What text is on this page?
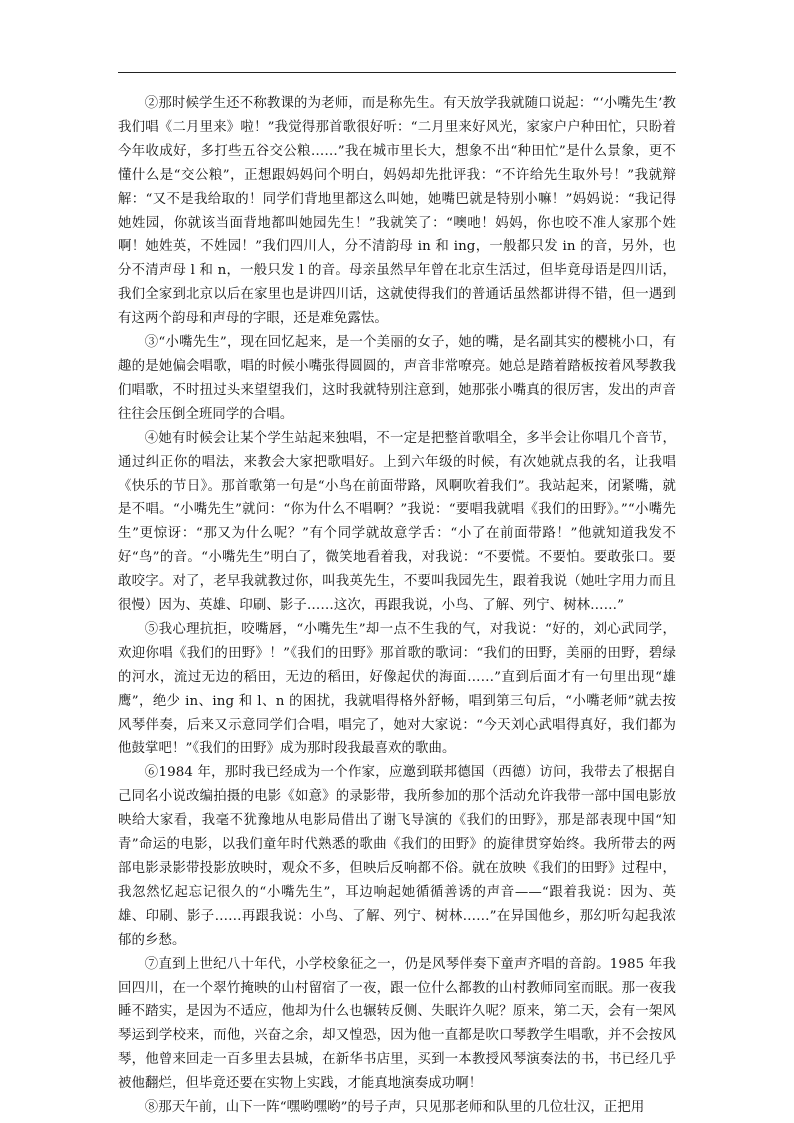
②那时候学生还不称教课的为老师，而是称先生。有天放学我就随口说起：“‘小嘴先生’教我们唱《二月里来》啦！”我觉得那首歌很好听：“二月里来好风光，家家户户种田忙，只盼着今年收成好，多打些五谷交公粮……”我在城市里长大，想象不出“种田忙”是什么景象，更不懂什么是“交公粮”，正想跟妈妈问个明白，妈妈却先批评我：“不许给先生取外号！”我就辩解：“又不是我给取的！同学们背地里都这么叫她，她嘴巴就是特别小嘛！”妈妈说：“我记得她姓园，你就该当面背地都叫她园先生！”我就笑了：“噢吔！妈妈，你也咬不准人家那个姓啊！她姓英，不姓园！”我们四川人，分不清韵母 in 和 ing，一般都只发 in 的音，另外，也分不清声母 l 和 n，一般只发 l 的音。母亲虽然早年曾在北京生活过，但毕竟母语是四川话，我们全家到北京以后在家里也是讲四川话，这就使得我们的普通话虽然都讲得不错，但一遇到有这两个韵母和声母的字眼，还是难免露怯。

③“小嘴先生”，现在回忆起来，是一个美丽的女子，她的嘴，是名副其实的樱桃小口，有趣的是她偏会唱歌，唱的时候小嘴张得圆圆的，声音非常嘹亮。她总是踏着踏板按着风琴教我们唱歌，不时扭过头来望望我们，这时我就特别注意到，她那张小嘴真的很厉害，发出的声音往往会压倒全班同学的合唱。

④她有时候会让某个学生站起来独唱，不一定是把整首歌唱全，多半会让你唱几个音节，通过纠正你的唱法，来教会大家把歌唱好。上到六年级的时候，有次她就点我的名，让我唱《快乐的节日》。那首歌第一句是“小鸟在前面带路，风啊吹着我们”。我站起来，闭紧嘴，就是不唱。“小嘴先生”就问：“你为什么不唱啊？”我说：“要唱我就唱《我们的田野》。”“小嘴先生”更惊讶：“那又为什么呢？”有个同学就故意学舌：“小了在前面带路！”他就知道我发不好“鸟”的音。“小嘴先生”明白了，微笑地看着我，对我说：“不要慌。不要怕。要敢张口。要敢咬字。对了，老早我就教过你，叫我英先生，不要叫我园先生，跟着我说（她吐字用力而且很慢）因为、英雄、印刷、影子……这次，再跟我说，小鸟、了解、列宁、树林……”

⑤我心理抗拒，咬嘴唇，“小嘴先生”却一点不生我的气，对我说：“好的，刘心武同学，欢迎你唱《我们的田野》！”《我们的田野》那首歌的歌词：“我们的田野，美丽的田野，碧绿的河水，流过无边的稻田，无边的稻田，好像起伏的海面……”直到后面才有一句里出现“雄鹰”，绝少 in、ing 和 l、n 的困扰，我就唱得格外舒畅，唱到第三句后，“小嘴老师”就去按风琴伴奏，后来又示意同学们合唱，唱完了，她对大家说：“今天刘心武唱得真好，我们都为他鼓掌吧！”《我们的田野》成为那时段我最喜欢的歌曲。

⑥1984 年，那时我已经成为一个作家，应邀到联邦德国（西德）访问，我带去了根据自己同名小说改编拍摄的电影《如意》的录影带，我所参加的那个活动允许我带一部中国电影放映给大家看，我毫不犹豫地从电影局借出了谢飞导演的《我们的田野》，那是部表现中国“知青”命运的电影，以我们童年时代熟悉的歌曲《我们的田野》的旋律贯穿始终。我所带去的两部电影录影带投影放映时，观众不多，但映后反响都不俗。就在放映《我们的田野》过程中，我忽然忆起忘记很久的“小嘴先生”，耳边响起她循循善诱的声音——“跟着我说：因为、英雄、印刷、影子……再跟我说：小鸟、了解、列宁、树林……”在异国他乡，那幻听勾起我浓郁的乡愁。

⑦直到上世纪八十年代，小学校象征之一，仍是风琴伴奏下童声齐唱的音韵。1985 年我回四川，在一个翠竹掩映的山村留宿了一夜，跟一位什么都教的山村教师同室而眠。那一夜我睡不踏实，是因为不适应，他却为什么也辗转反侧、失眠许久呢？原来，第二天，会有一架风琴运到学校来，而他，兴奋之余，却又惶恐，因为他一直都是吹口琴教学生唱歌，并不会按风琴，他曾来回走一百多里去县城，在新华书店里，买到一本教授风琴演奏法的书，书已经几乎被他翻烂，但毕竟还要在实物上实践，才能真地演奏成功啊！

⑧那天午前，山下一阵“嘿哟嘿哟”的号子声，只见那老师和队里的几位壮汉，正把用
